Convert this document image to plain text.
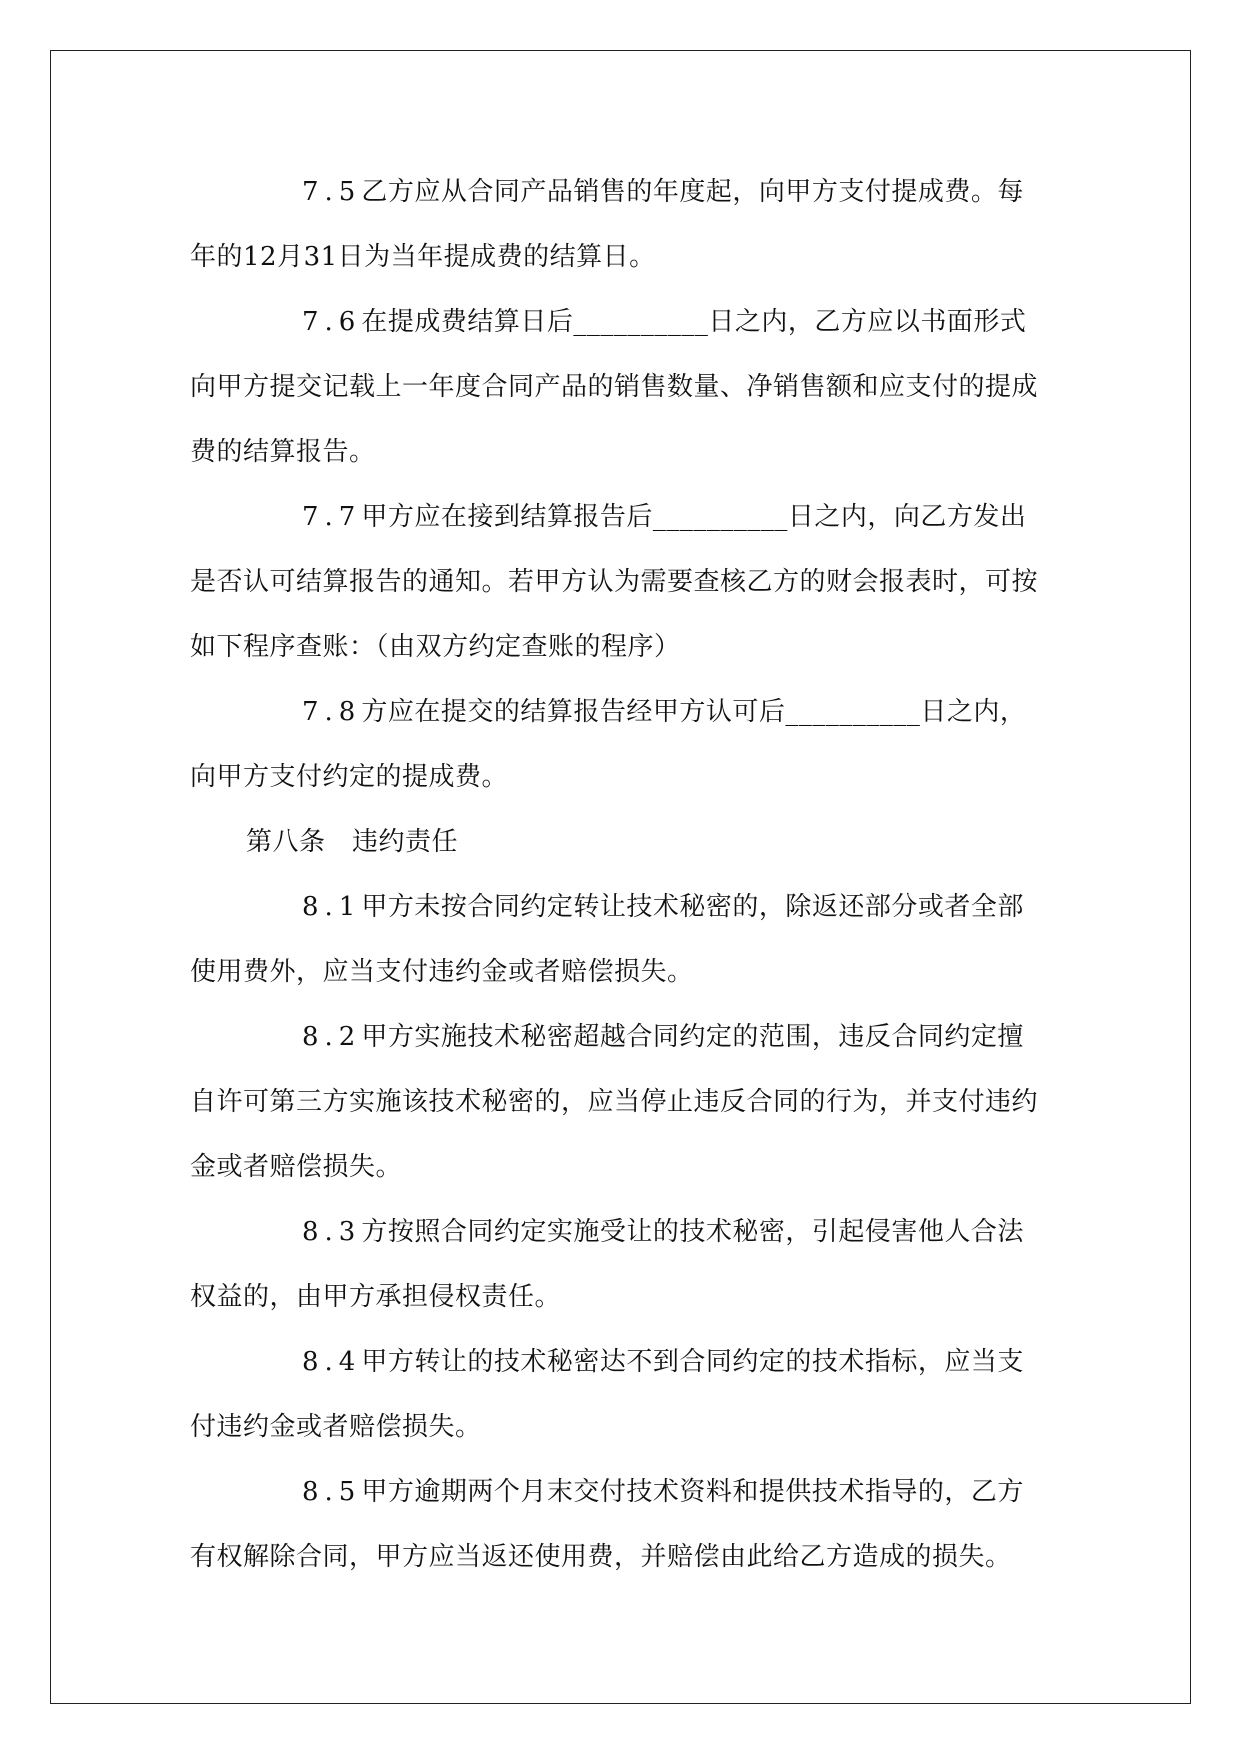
7.5乙方应从合同产品销售的年度起，向甲方支付提成费。每年的12月31日为当年提成费的结算日。

7.6在提成费结算日后__________日之内，乙方应以书面形式向甲方提交记载上一年度合同产品的销售数量、净销售额和应支付的提成费的结算报告。

7.7甲方应在接到结算报告后__________日之内，向乙方发出是否认可结算报告的通知。若甲方认为需要查核乙方的财会报表时，可按如下程序查账：（由双方约定查账的程序）

7.8方应在提交的结算报告经甲方认可后__________日之内，向甲方支付约定的提成费。

第八条　违约责任

8.1甲方未按合同约定转让技术秘密的，除返还部分或者全部使用费外，应当支付违约金或者赔偿损失。

8.2甲方实施技术秘密超越合同约定的范围，违反合同约定擅自许可第三方实施该技术秘密的，应当停止违反合同的行为，并支付违约金或者赔偿损失。

8.3方按照合同约定实施受让的技术秘密，引起侵害他人合法权益的，由甲方承担侵权责任。

8.4甲方转让的技术秘密达不到合同约定的技术指标，应当支付违约金或者赔偿损失。

8.5甲方逾期两个月末交付技术资料和提供技术指导的，乙方有权解除合同，甲方应当返还使用费，并赔偿由此给乙方造成的损失。
